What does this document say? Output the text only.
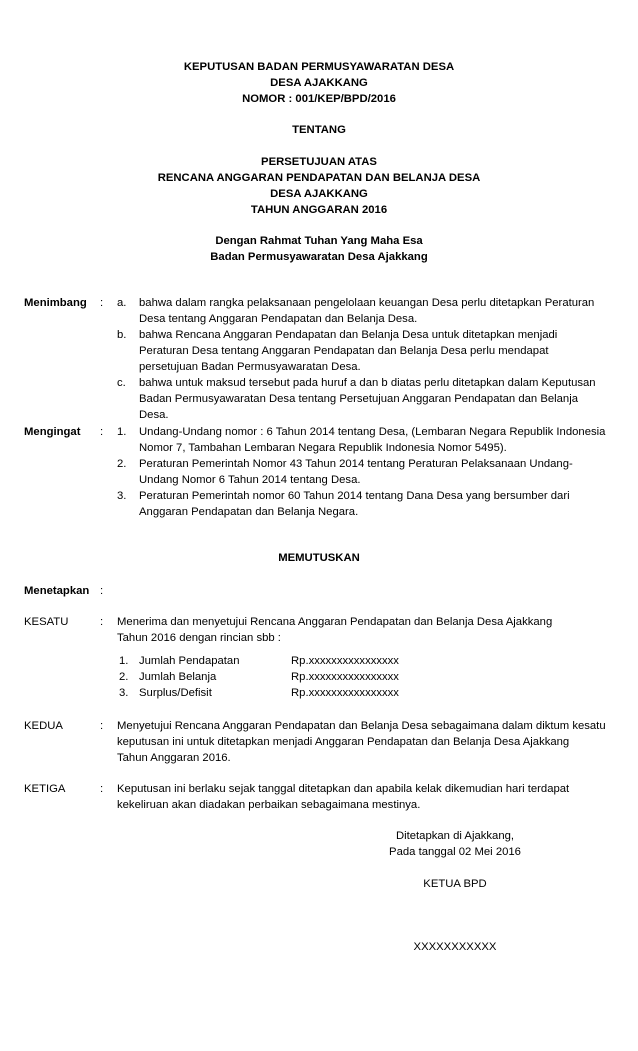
KEPUTUSAN BADAN PERMUSYAWARATAN DESA
DESA AJAKKANG
NOMOR : 001/KEP/BPD/2016
TENTANG
PERSETUJUAN ATAS
RENCANA ANGGARAN PENDAPATAN DAN BELANJA DESA
DESA AJAKKANG
TAHUN ANGGARAN 2016
Dengan Rahmat Tuhan Yang Maha Esa
Badan Permusyawaratan Desa Ajakkang
Menimbang	: a. bahwa dalam rangka pelaksanaan pengelolaan keuangan Desa perlu ditetapkan Peraturan Desa tentang Anggaran Pendapatan dan Belanja Desa.
b. bahwa Rencana Anggaran Pendapatan dan Belanja Desa untuk ditetapkan menjadi Peraturan Desa tentang Anggaran Pendapatan dan Belanja Desa perlu mendapat persetujuan Badan Permusyawaratan Desa.
c. bahwa untuk maksud tersebut pada huruf a dan b diatas perlu ditetapkan dalam Keputusan Badan Permusyawaratan Desa tentang Persetujuan Anggaran Pendapatan dan Belanja Desa.
Mengingat	: 1. Undang-Undang nomor : 6 Tahun 2014 tentang Desa, (Lembaran Negara Republik Indonesia Nomor 7, Tambahan Lembaran Negara Republik Indonesia Nomor 5495).
2. Peraturan Pemerintah Nomor 43 Tahun 2014 tentang Peraturan Pelaksanaan Undang-Undang Nomor 6 Tahun 2014 tentang Desa.
3. Peraturan Pemerintah nomor 60 Tahun 2014 tentang Dana Desa yang bersumber dari Anggaran Pendapatan dan Belanja Negara.
MEMUTUSKAN
Menetapkan :
KESATU	: Menerima dan menyetujui Rencana Anggaran Pendapatan dan Belanja Desa Ajakkang
Tahun 2016 dengan rincian sbb :
1. Jumlah Pendapatan	Rp.xxxxxxxxxxxxxxxx
2. Jumlah Belanja	Rp.xxxxxxxxxxxxxxxx
3. Surplus/Defisit	Rp.xxxxxxxxxxxxxxxx
KEDUA	: Menyetujui Rencana Anggaran Pendapatan dan Belanja Desa sebagaimana dalam diktum kesatu
keputusan ini untuk ditetapkan menjadi Anggaran Pendapatan dan Belanja Desa Ajakkang
Tahun Anggaran 2016.
KETIGA	: Keputusan ini berlaku sejak tanggal ditetapkan dan apabila kelak dikemudian hari terdapat
kekeliruan akan diadakan perbaikan sebagaimana mestinya.
Ditetapkan di Ajakkang,
Pada tanggal 02 Mei 2016
KETUA BPD
XXXXXXXXXXX
